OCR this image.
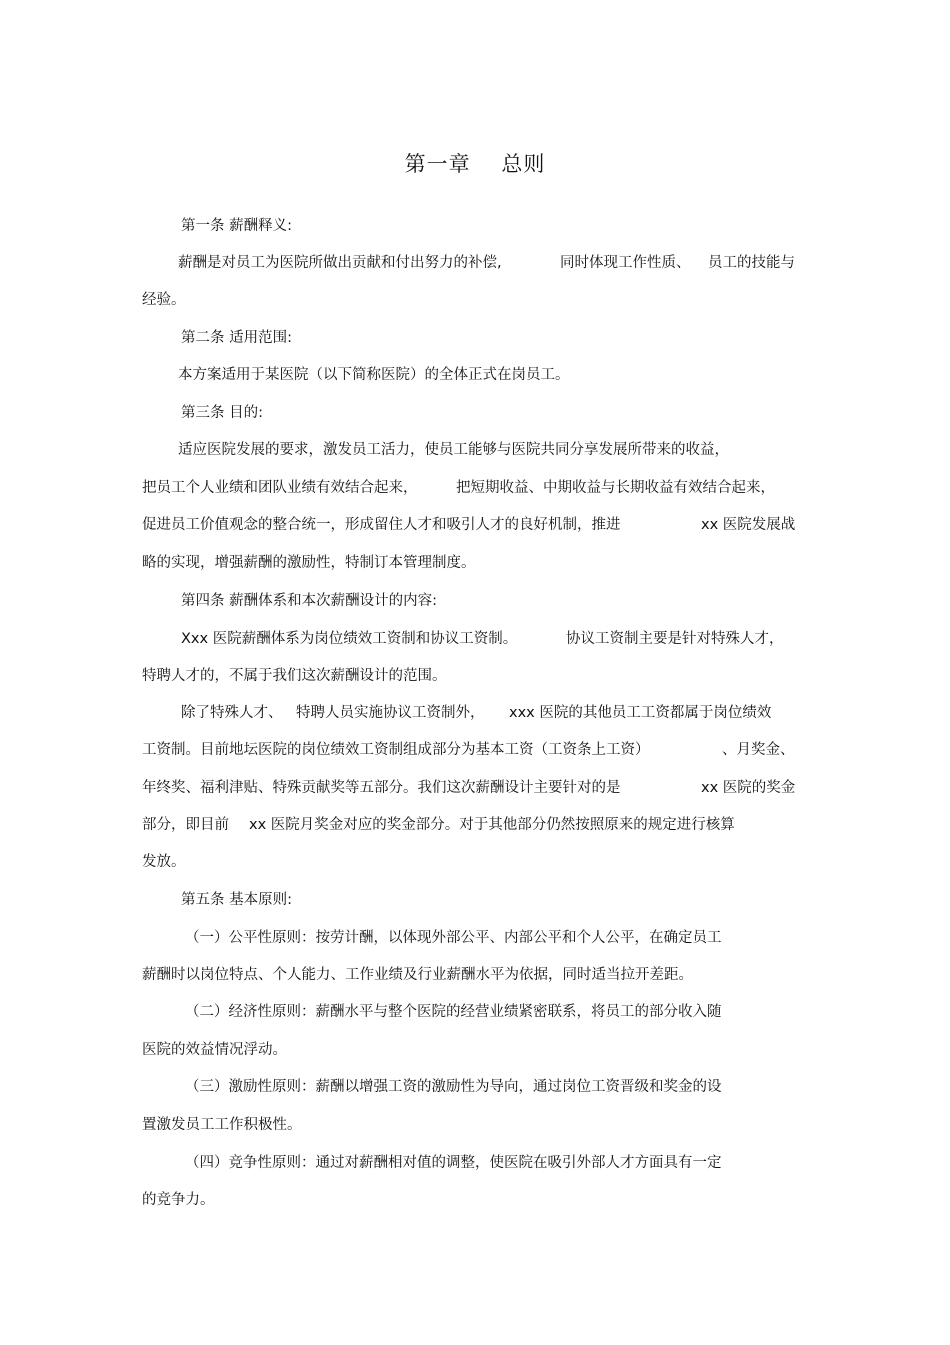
第一章    总则
第一条 薪酬释义:
薪酬是对员工为医院所做出贡献和付出努力的补偿,	同时体现工作性质、 员工的技能与
经验。
第二条 适用范围:
本方案适用于某医院（以下简称医院）的全体正式在岗员工。
第三条 目的:
适应医院发展的要求，激发员工活力，使员工能够与医院共同分享发展所带来的收益，
把员工个人业绩和团队业绩有效结合起来，	把短期收益、中期收益与长期收益有效结合起来，
促进员工价值观念的整合统一，形成留住人才和吸引人才的良好机制，推进	xx 医院发展战
略的实现，增强薪酬的激励性，特制订本管理制度。
第四条 薪酬体系和本次薪酬设计的内容:
Xxx 医院薪酬体系为岗位绩效工资制和协议工资制。	协议工资制主要是针对特殊人才，
特聘人才的，不属于我们这次薪酬设计的范围。
除了特殊人才、 特聘人员实施协议工资制外， xxx 医院的其他员工工资都属于岗位绩效
工资制。目前地坛医院的岗位绩效工资制组成部分为基本工资（工资条上工资）	、月奖金、
年终奖、福利津贴、特殊贡献奖等五部分。我们这次薪酬设计主要针对的是	xx 医院的奖金
部分，即目前 xx 医院月奖金对应的奖金部分。对于其他部分仍然按照原来的规定进行核算
发放。
第五条 基本原则:
（一）公平性原则：按劳计酬，以体现外部公平、内部公平和个人公平，在确定员工
薪酬时以岗位特点、个人能力、工作业绩及行业薪酬水平为依据，同时适当拉开差距。
（二）经济性原则：薪酬水平与整个医院的经营业绩紧密联系，将员工的部分收入随
医院的效益情况浮动。
（三）激励性原则：薪酬以增强工资的激励性为导向，通过岗位工资晋级和奖金的设
置激发员工工作积极性。
（四）竞争性原则：通过对薪酬相对值的调整，使医院在吸引外部人才方面具有一定
的竞争力。
